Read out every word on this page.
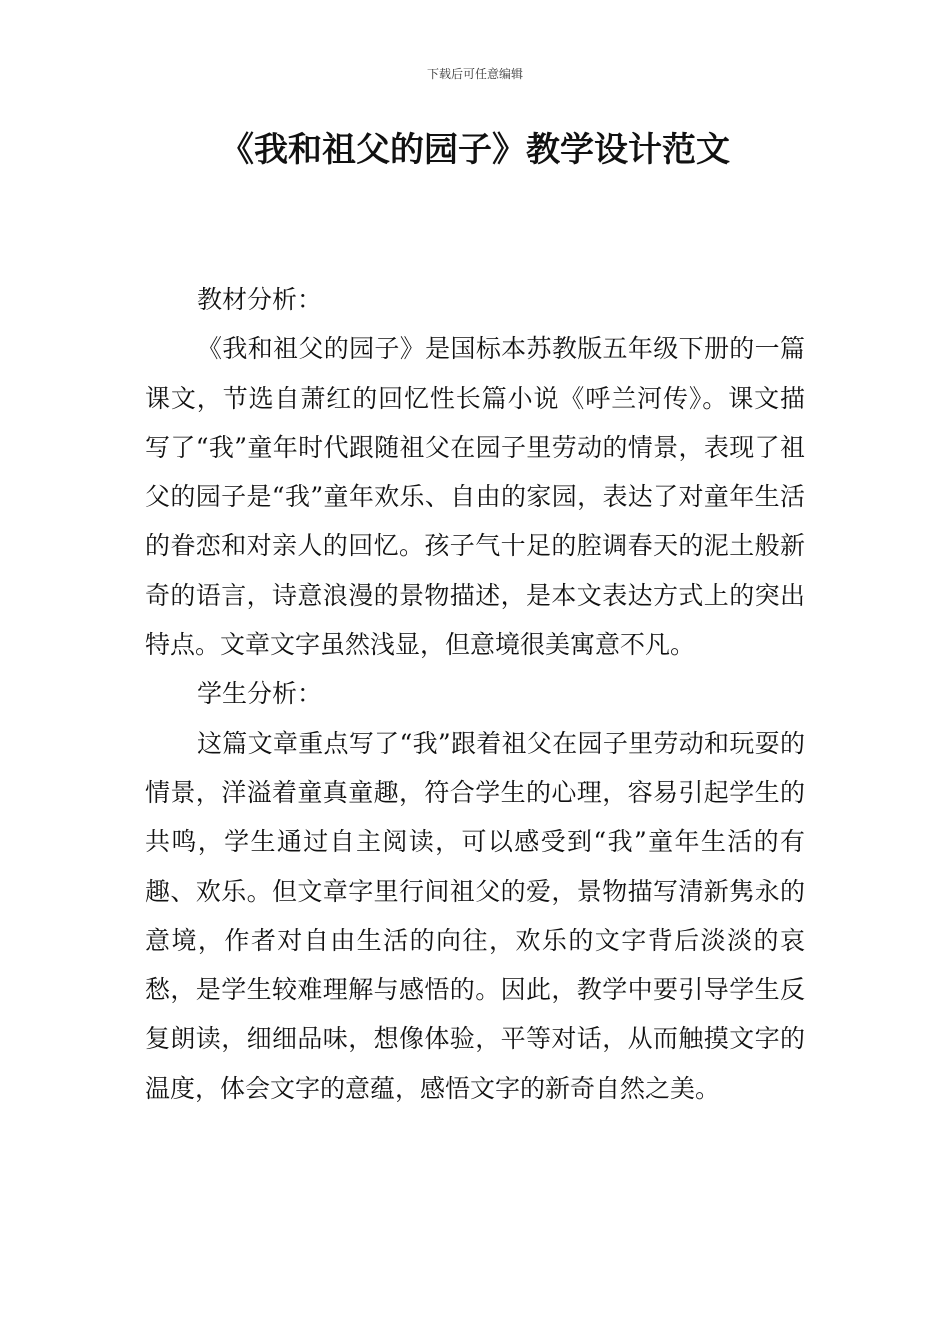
下载后可任意编辑
《我和祖父的园子》教学设计范文

教材分析：

《我和祖父的园子》是国标本苏教版五年级下册的一篇课文，节选自萧红的回忆性长篇小说《呼兰河传》。课文描写了“我”童年时代跟随祖父在园子里劳动的情景，表现了祖父的园子是“我”童年欢乐、自由的家园，表达了对童年生活的眷恋和对亲人的回忆。孩子气十足的腔调春天的泥土般新奇的语言，诗意浪漫的景物描述，是本文表达方式上的突出特点。文章文字虽然浅显，但意境很美寓意不凡。

学生分析：

这篇文章重点写了“我”跟着祖父在园子里劳动和玩耍的情景，洋溢着童真童趣，符合学生的心理，容易引起学生的共鸣，学生通过自主阅读，可以感受到“我”童年生活的有趣、欢乐。但文章字里行间祖父的爱，景物描写清新隽永的意境，作者对自由生活的向往，欢乐的文字背后淡淡的哀愁，是学生较难理解与感悟的。因此，教学中要引导学生反复朗读，细细品味，想像体验，平等对话，从而触摸文字的温度，体会文字的意蕴，感悟文字的新奇自然之美。
